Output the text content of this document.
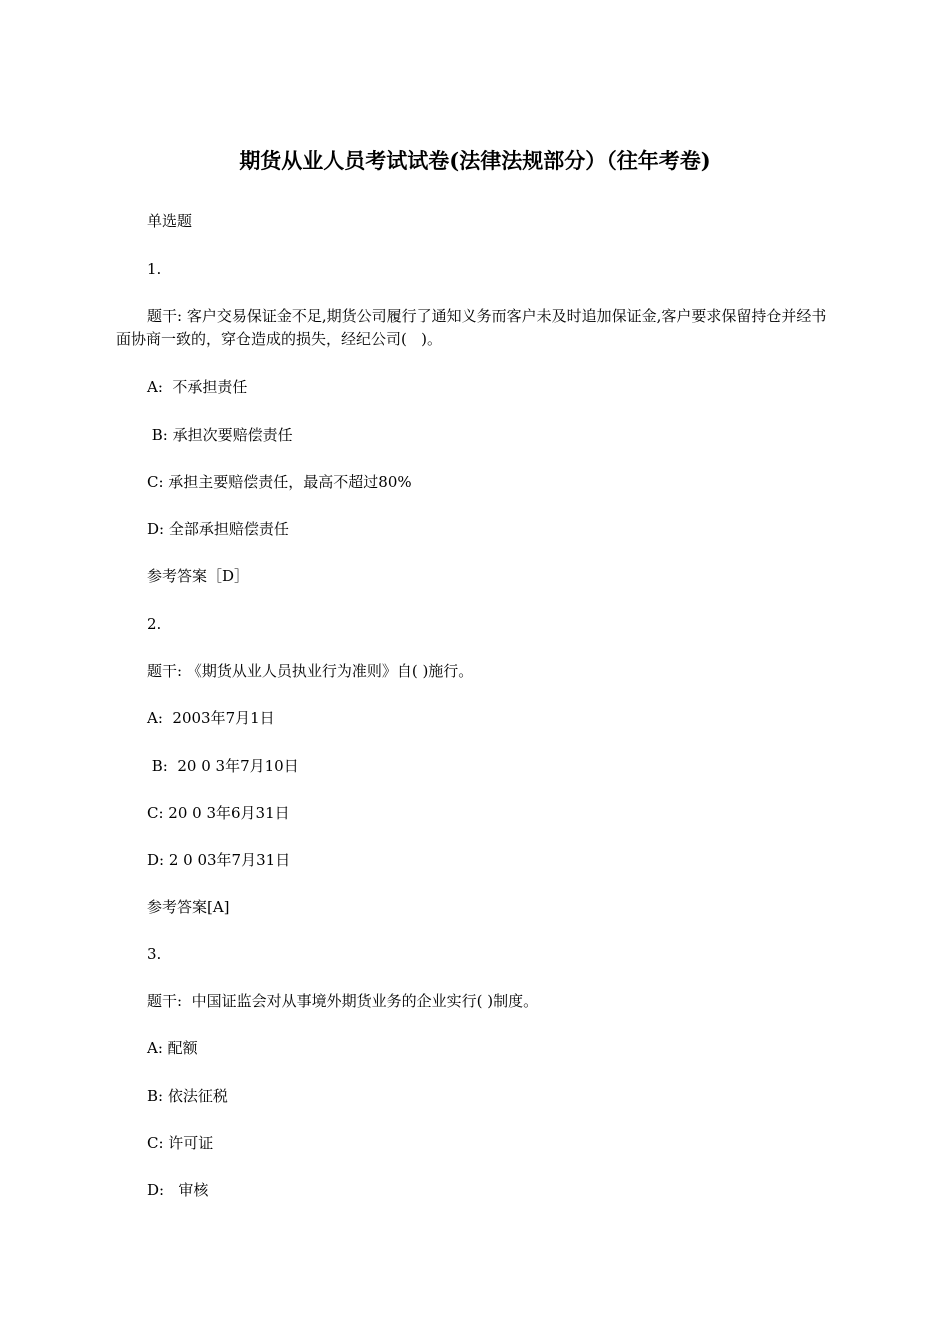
期货从业人员考试试卷(法律法规部分）（往年考卷)
单选题
1.
题干: 客户交易保证金不足,期货公司履行了通知义务而客户未及时追加保证金,客户要求保留持仓并经书面协商一致的，穿仓造成的损失，经纪公司(   )。
A:  不承担责任
B: 承担次要赔偿责任
C: 承担主要赔偿责任，最高不超过80%
D: 全部承担赔偿责任
参考答案［D］
2.
题干: 《期货从业人员执业行为准则》自( )施行。
A:  2003年7月1日
B:  20 0 3年7月10日
C: 20 0 3年6月31日
D: 2 0 03年7月31日
参考答案[A]
3.
题干:  中国证监会对从事境外期货业务的企业实行( )制度。
A: 配额
B: 依法征税
C: 许可证
D:   审核
